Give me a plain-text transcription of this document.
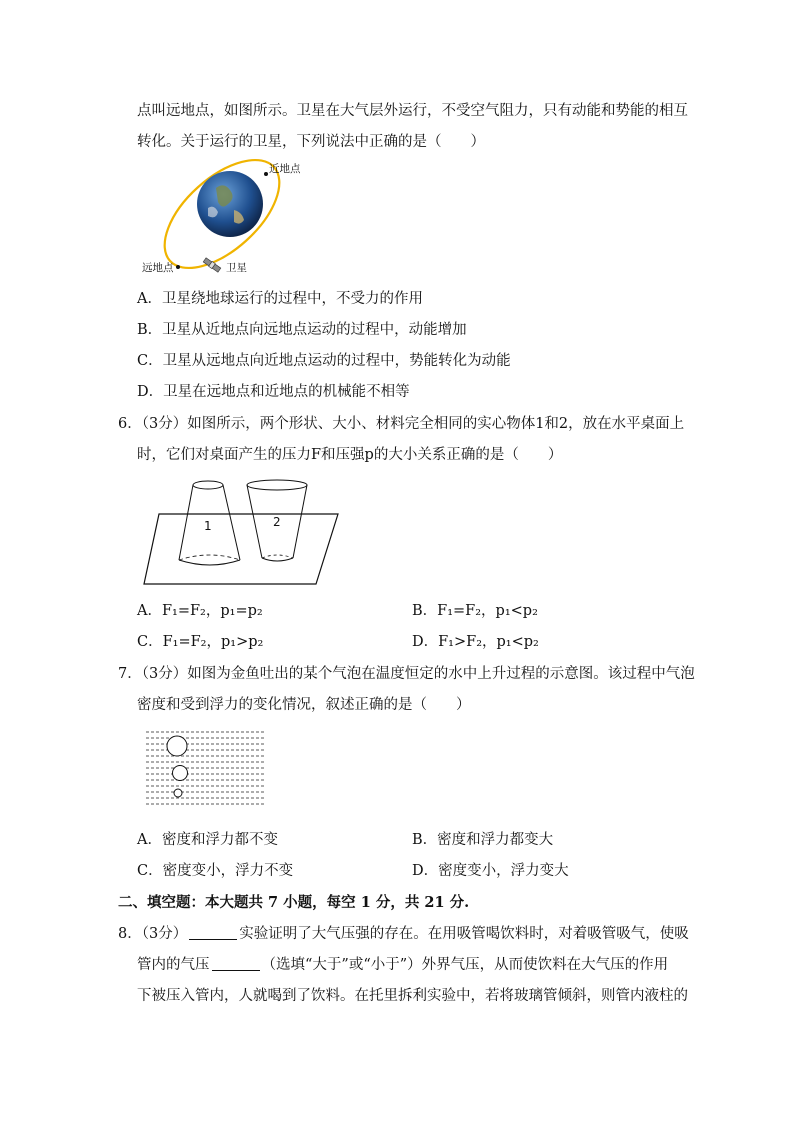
点叫远地点，如图所示。卫星在大气层外运行，不受空气阻力，只有动能和势能的相互
转化。关于运行的卫星，下列说法中正确的是（　　）
近地点
远地点	卫星
A．卫星绕地球运行的过程中，不受力的作用
B．卫星从近地点向远地点运动的过程中，动能增加
C．卫星从远地点向近地点运动的过程中，势能转化为动能
D．卫星在远地点和近地点的机械能不相等
6．（3分）如图所示，两个形状、大小、材料完全相同的实心物体1和2，放在水平桌面上
时，它们对桌面产生的压力F和压强p的大小关系正确的是（　　）
1	2
A．F₁=F₂，p₁=p₂	B．F₁=F₂，p₁<p₂
C．F₁=F₂，p₁>p₂	D．F₁>F₂，p₁<p₂
7．（3分）如图为金鱼吐出的某个气泡在温度恒定的水中上升过程的示意图。该过程中气泡
密度和受到浮力的变化情况，叙述正确的是（　　）
A．密度和浮力都不变	B．密度和浮力都变大
C．密度变小，浮力不变	D．密度变小，浮力变大
二、填空题：本大题共 7 小题，每空 1 分，共 21 分.
8．（3分）	实验证明了大气压强的存在。在用吸管喝饮料时，对着吸管吸气，使吸
管内的气压	（选填“大于”或“小于”）外界气压，从而使饮料在大气压的作用
下被压入管内，人就喝到了饮料。在托里拆利实验中，若将玻璃管倾斜，则管内液柱的
